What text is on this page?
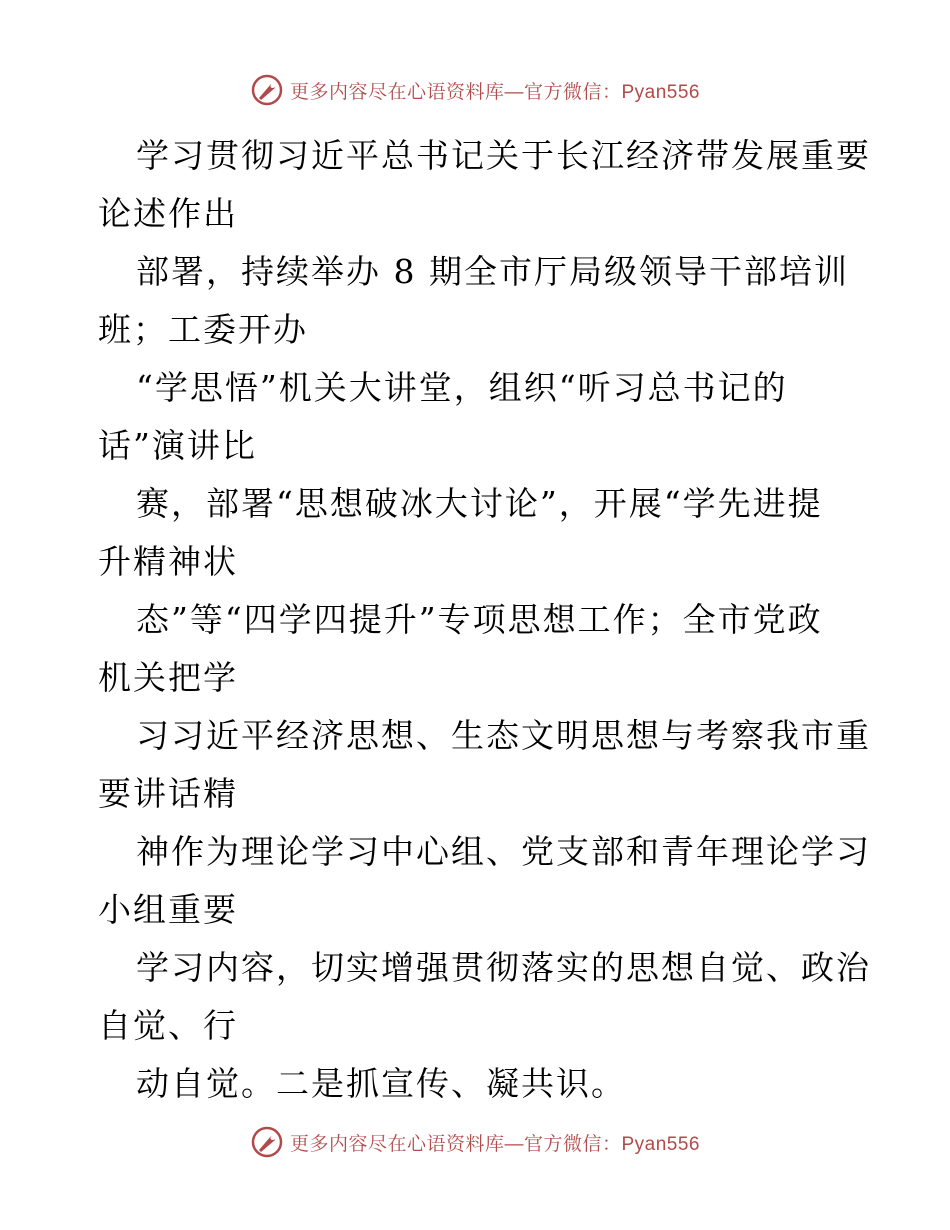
更多内容尽在心语资料库—官方微信：Pyan556
学习贯彻习近平总书记关于长江经济带发展重要
论述作出
部署，持续举办 8 期全市厅局级领导干部培训
班；工委开办
“学思悟”机关大讲堂，组织“听习总书记的
话”演讲比
赛，部署“思想破冰大讨论”，开展“学先进提
升精神状
态”等“四学四提升”专项思想工作；全市党政
机关把学
习习近平经济思想、生态文明思想与考察我市重
要讲话精
神作为理论学习中心组、党支部和青年理论学习
小组重要
学习内容，切实增强贯彻落实的思想自觉、政治
自觉、行
动自觉。二是抓宣传、凝共识。
更多内容尽在心语资料库—官方微信：Pyan556
